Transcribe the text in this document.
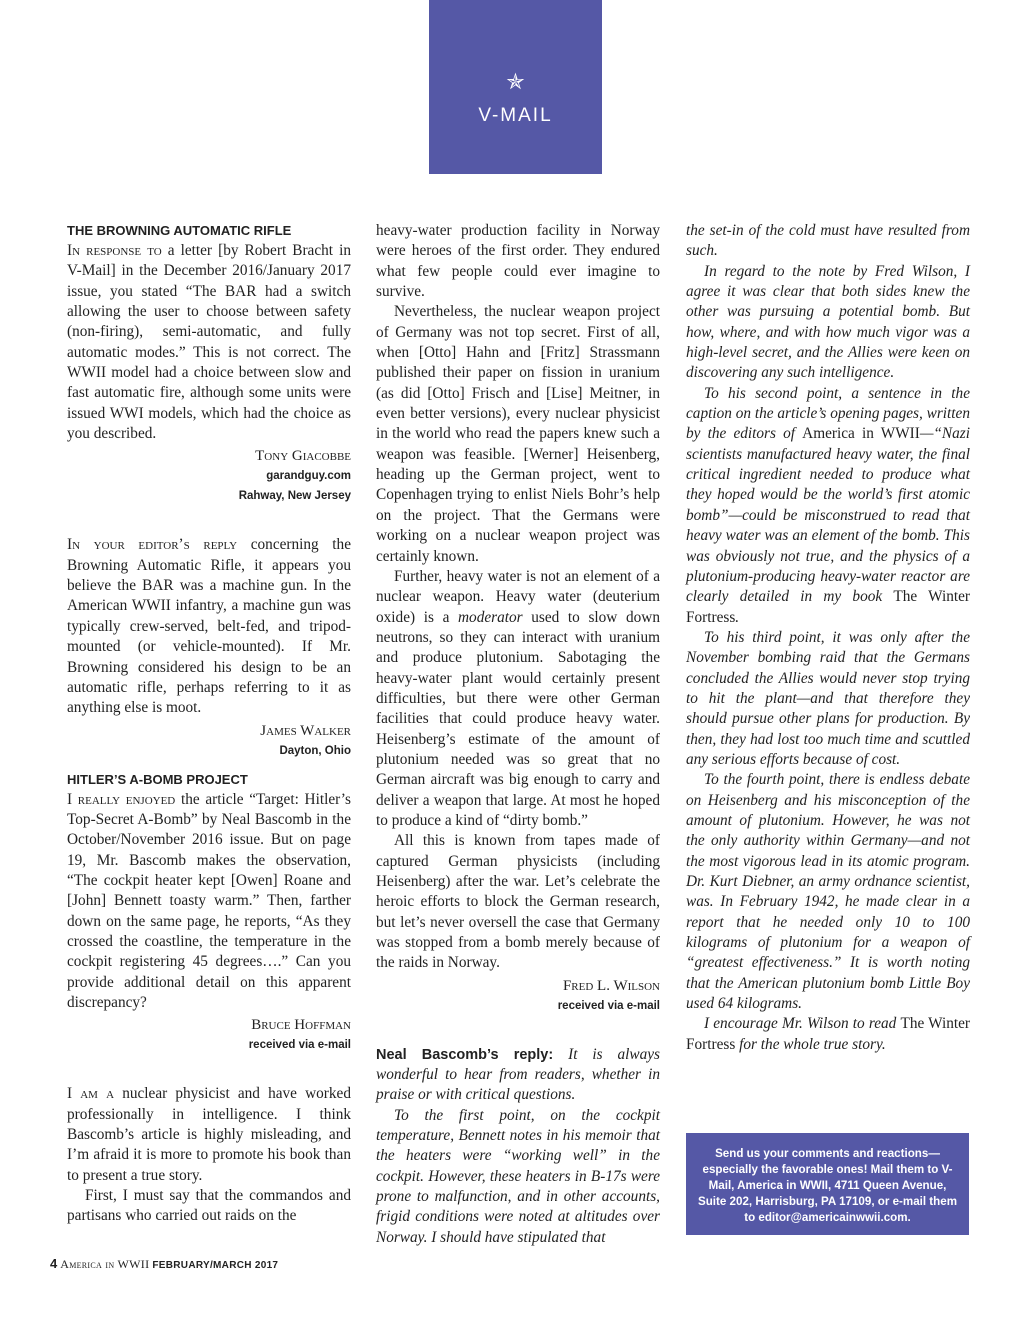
✯
V-MAIL

THE BROWNING AUTOMATIC RIFLE

In response to a letter [by Robert Bracht in V-Mail] in the December 2016/January 2017 issue, you stated “The BAR had a switch allowing the user to choose between safety (non-firing), semi-automatic, and fully automatic modes.” This is not correct. The WWII model had a choice between slow and fast automatic fire, although some units were issued WWI models, which had the choice as you described.

Tony Giacobbe
garandguy.com
Rahway, New Jersey

In your editor’s reply concerning the Browning Automatic Rifle, it appears you believe the BAR was a machine gun. In the American WWII infantry, a machine gun was typically crew-served, belt-fed, and tripod-mounted (or vehicle-mounted). If Mr. Browning considered his design to be an automatic rifle, perhaps referring to it as anything else is moot.

James Walker
Dayton, Ohio

HITLER’S A-BOMB PROJECT

I really enjoyed the article “Target: Hitler’s Top-Secret A-Bomb” by Neal Bascomb in the October/November 2016 issue. But on page 19, Mr. Bascomb makes the observation, “The cockpit heater kept [Owen] Roane and [John] Bennett toasty warm.” Then, farther down on the same page, he reports, “As they crossed the coastline, the temperature in the cockpit registering 45 degrees….” Can you provide additional detail on this apparent discrepancy?

Bruce Hoffman
received via e-mail

I am a nuclear physicist and have worked professionally in intelligence. I think Bascomb’s article is highly misleading, and I’m afraid it is more to promote his book than to present a true story.

First, I must say that the commandos and partisans who carried out raids on the

heavy-water production facility in Norway were heroes of the first order. They endured what few people could ever imagine to survive.

Nevertheless, the nuclear weapon project of Germany was not top secret. First of all, when [Otto] Hahn and [Fritz] Strassmann published their paper on fission in uranium (as did [Otto] Frisch and [Lise] Meitner, in even better versions), every nuclear physicist in the world who read the papers knew such a weapon was feasible. [Werner] Heisenberg, heading up the German project, went to Copenhagen trying to enlist Niels Bohr’s help on the project. That the Germans were working on a nuclear weapon project was certainly known.

Further, heavy water is not an element of a nuclear weapon. Heavy water (deuterium oxide) is a moderator used to slow down neutrons, so they can interact with uranium and produce plutonium. Sabotaging the heavy-water plant would certainly present difficulties, but there were other German facilities that could produce heavy water. Heisenberg’s estimate of the amount of plutonium needed was so great that no German aircraft was big enough to carry and deliver a weapon that large. At most he hoped to produce a kind of “dirty bomb.”

All this is known from tapes made of captured German physicists (including Heisenberg) after the war. Let’s celebrate the heroic efforts to block the German research, but let’s never oversell the case that Germany was stopped from a bomb merely because of the raids in Norway.

Fred L. Wilson
received via e-mail

Neal Bascomb’s reply: It is always wonderful to hear from readers, whether in praise or with critical questions.

To the first point, on the cockpit temperature, Bennett notes in his memoir that the heaters were “working well” in the cockpit. However, these heaters in B-17s were prone to malfunction, and in other accounts, frigid conditions were noted at altitudes over Norway. I should have stipulated that

the set-in of the cold must have resulted from such.

In regard to the note by Fred Wilson, I agree it was clear that both sides knew the other was pursuing a potential bomb. But how, where, and with how much vigor was a high-level secret, and the Allies were keen on discovering any such intelligence.

To his second point, a sentence in the caption on the article’s opening pages, written by the editors of America in WWII—“Nazi scientists manufactured heavy water, the final critical ingredient needed to produce what they hoped would be the world’s first atomic bomb”—could be misconstrued to read that heavy water was an element of the bomb. This was obviously not true, and the physics of a plutonium-producing heavy-water reactor are clearly detailed in my book The Winter Fortress.

To his third point, it was only after the November bombing raid that the Germans concluded the Allies would never stop trying to hit the plant—and that therefore they should pursue other plans for production. By then, they had lost too much time and scuttled any serious efforts because of cost.

To the fourth point, there is endless debate on Heisenberg and his misconception of the amount of plutonium. However, he was not the only authority within Germany—and not the most vigorous lead in its atomic program. Dr. Kurt Diebner, an army ordnance scientist, was. In February 1942, he made clear in a report that he needed only 10 to 100 kilograms of plutonium for a weapon of “greatest effectiveness.” It is worth noting that the American plutonium bomb Little Boy used 64 kilograms.

I encourage Mr. Wilson to read The Winter Fortress for the whole true story.

Send us your comments and reactions—especially the favorable ones! Mail them to V-Mail, America in WWII, 4711 Queen Avenue, Suite 202, Harrisburg, PA 17109, or e-mail them to editor@americainwwii.com.
4 America in WWII FEBRUARY/MARCH 2017
